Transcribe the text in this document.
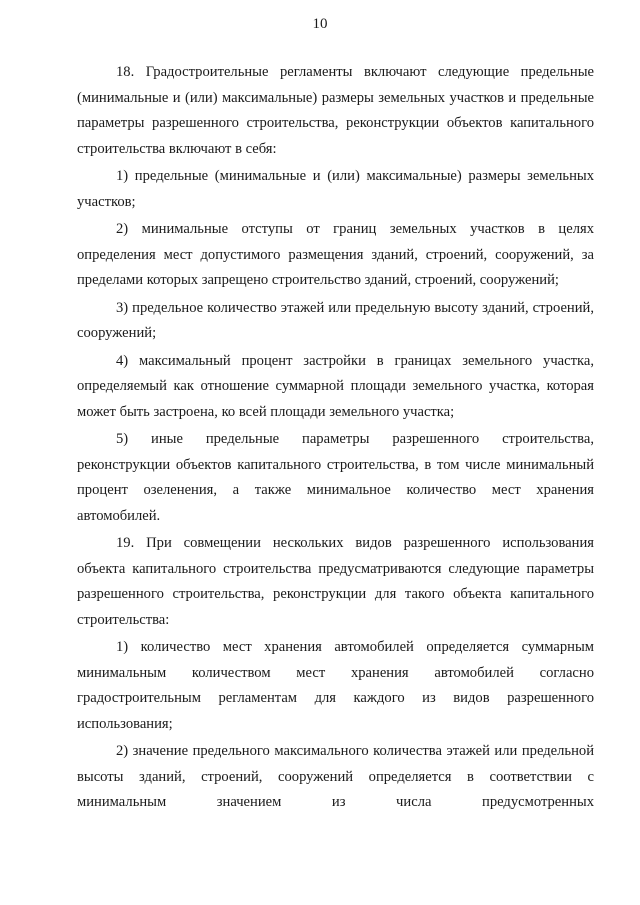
10

18. Градостроительные регламенты включают следующие предельные (минимальные и (или) максимальные) размеры земельных участков и предельные параметры разрешенного строительства, реконструкции объектов капитального строительства включают в себя:

1) предельные (минимальные и (или) максимальные) размеры земельных участков;

2) минимальные отступы от границ земельных участков в целях определения мест допустимого размещения зданий, строений, сооружений, за пределами которых запрещено строительство зданий, строений, сооружений;

3) предельное количество этажей или предельную высоту зданий, строений, сооружений;

4) максимальный процент застройки в границах земельного участка, определяемый как отношение суммарной площади земельного участка, которая может быть застроена, ко всей площади земельного участка;

5) иные предельные параметры разрешенного строительства, реконструкции объектов капитального строительства, в том числе минимальный процент озеленения, а также минимальное количество мест хранения автомобилей.

19. При совмещении нескольких видов разрешенного использования объекта капитального строительства предусматриваются следующие параметры разрешенного строительства, реконструкции для такого объекта капитального строительства:

1) количество мест хранения автомобилей определяется суммарным минимальным количеством мест хранения автомобилей согласно градостроительным регламентам для каждого из видов разрешенного использования;

2) значение предельного максимального количества этажей или предельной высоты зданий, строений, сооружений определяется в соответствии с минимальным значением из числа предусмотренных
